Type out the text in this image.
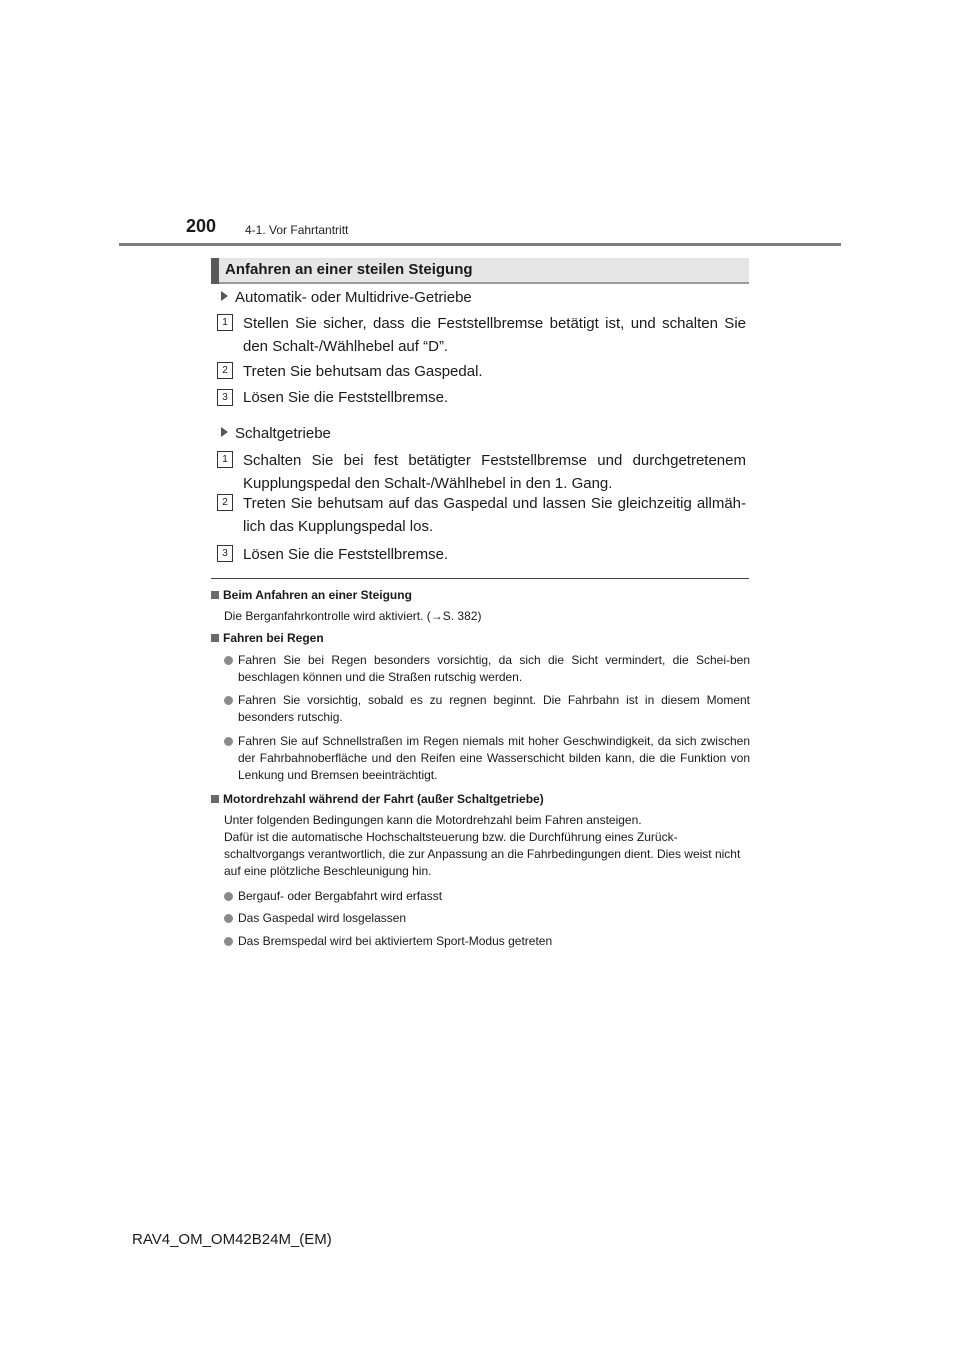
200 4-1. Vor Fahrtantritt
Anfahren an einer steilen Steigung
Automatik- oder Multidrive-Getriebe
1	Stellen Sie sicher, dass die Feststellbremse betätigt ist, und schalten Sie den Schalt-/Wählhebel auf “D”.
2	Treten Sie behutsam das Gaspedal.
3	Lösen Sie die Feststellbremse.
Schaltgetriebe
1	Schalten Sie bei fest betätigter Feststellbremse und durchgetretenem Kupplungspedal den Schalt-/Wählhebel in den 1. Gang.
2	Treten Sie behutsam auf das Gaspedal und lassen Sie gleichzeitig allmäh-lich das Kupplungspedal los.
3	Lösen Sie die Feststellbremse.
Beim Anfahren an einer Steigung
Die Berganfahrkontrolle wird aktiviert. (→S. 382)
Fahren bei Regen
Fahren Sie bei Regen besonders vorsichtig, da sich die Sicht vermindert, die Schei-ben beschlagen können und die Straßen rutschig werden.
Fahren Sie vorsichtig, sobald es zu regnen beginnt. Die Fahrbahn ist in diesem Moment besonders rutschig.
Fahren Sie auf Schnellstraßen im Regen niemals mit hoher Geschwindigkeit, da sich zwischen der Fahrbahnoberfläche und den Reifen eine Wasserschicht bilden kann, die die Funktion von Lenkung und Bremsen beeinträchtigt.
Motordrehzahl während der Fahrt (außer Schaltgetriebe)
Unter folgenden Bedingungen kann die Motordrehzahl beim Fahren ansteigen.
Dafür ist die automatische Hochschaltsteuerung bzw. die Durchführung eines Zurück-schaltvorgangs verantwortlich, die zur Anpassung an die Fahrbedingungen dient. Dies weist nicht auf eine plötzliche Beschleunigung hin.
Bergauf- oder Bergabfahrt wird erfasst
Das Gaspedal wird losgelassen
Das Bremspedal wird bei aktiviertem Sport-Modus getreten
RAV4_OM_OM42B24M_(EM)
